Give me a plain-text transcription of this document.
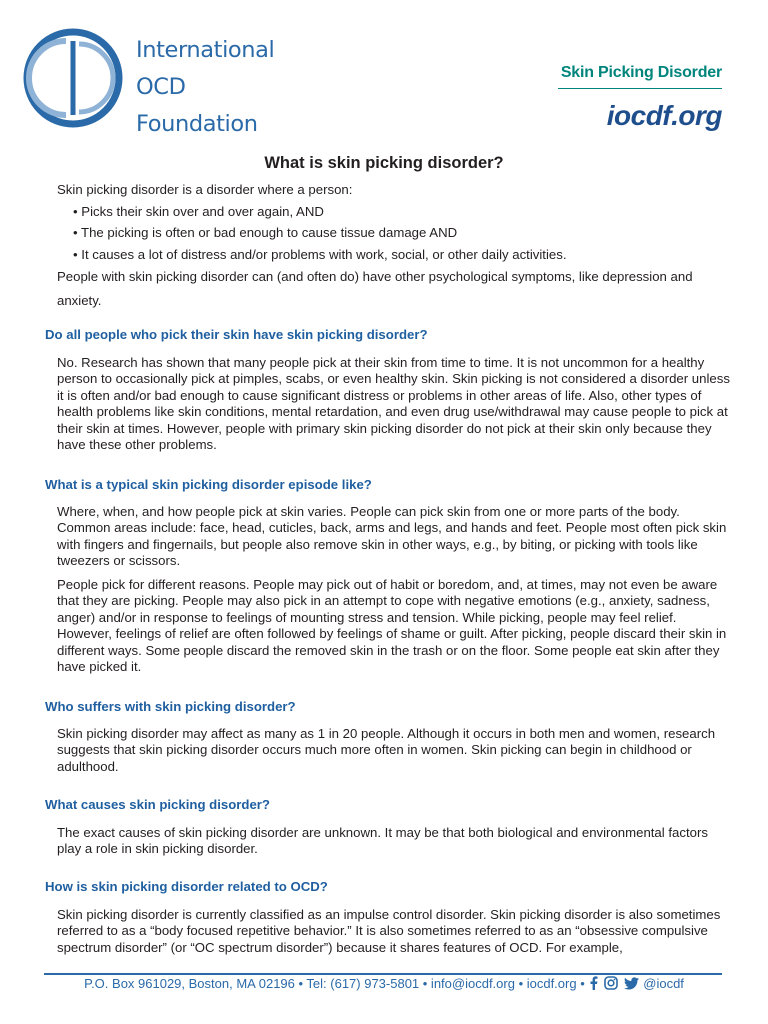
International
OCD
Foundation
Skin Picking Disorder
iocdf.org
What is skin picking disorder?
Skin picking disorder is a disorder where a person:
• Picks their skin over and over again, AND
• The picking is often or bad enough to cause tissue damage AND
• It causes a lot of distress and/or problems with work, social, or other daily activities.
People with skin picking disorder can (and often do) have other psychological symptoms, like depression and anxiety.
Do all people who pick their skin have skin picking disorder?

No. Research has shown that many people pick at their skin from time to time. It is not uncommon for a healthy person to occasionally pick at pimples, scabs, or even healthy skin. Skin picking is not considered a disorder unless it is often and/or bad enough to cause significant distress or problems in other areas of life. Also, other types of health problems like skin conditions, mental retardation, and even drug use/withdrawal may cause people to pick at their skin at times. However, people with primary skin picking disorder do not pick at their skin only because they have these other problems.

What is a typical skin picking disorder episode like?

Where, when, and how people pick at skin varies. People can pick skin from one or more parts of the body. Common areas include: face, head, cuticles, back, arms and legs, and hands and feet. People most often pick skin with fingers and fingernails, but people also remove skin in other ways, e.g., by biting, or picking with tools like tweezers or scissors.

People pick for different reasons. People may pick out of habit or boredom, and, at times, may not even be aware that they are picking. People may also pick in an attempt to cope with negative emotions (e.g., anxiety, sadness, anger) and/or in response to feelings of mounting stress and tension. While picking, people may feel relief. However, feelings of relief are often followed by feelings of shame or guilt. After picking, people discard their skin in different ways. Some people discard the removed skin in the trash or on the floor. Some people eat skin after they have picked it.

Who suffers with skin picking disorder?

Skin picking disorder may affect as many as 1 in 20 people. Although it occurs in both men and women, research suggests that skin picking disorder occurs much more often in women. Skin picking can begin in childhood or adulthood.

What causes skin picking disorder?

The exact causes of skin picking disorder are unknown. It may be that both biological and environmental factors play a role in skin picking disorder.

How is skin picking disorder related to OCD?

Skin picking disorder is currently classified as an impulse control disorder. Skin picking disorder is also sometimes referred to as a “body focused repetitive behavior.” It is also sometimes referred to as an “obsessive compulsive spectrum disorder” (or “OC spectrum disorder”) because it shares features of OCD. For example,

P.O. Box 961029, Boston, MA 02196 • Tel: (617) 973-5801 • info@iocdf.org • iocdf.org •	@iocdf
